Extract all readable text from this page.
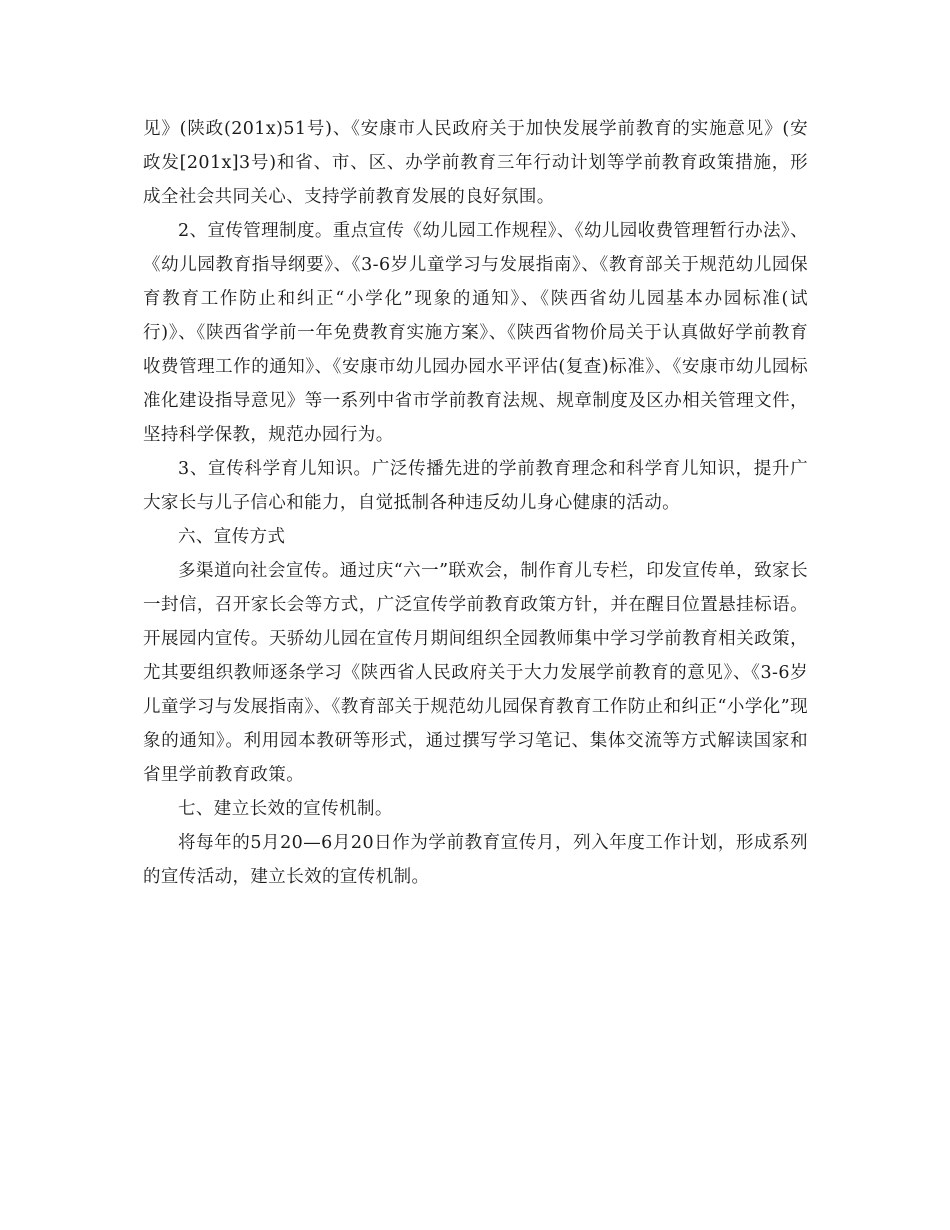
见》(陕政(201x)51号)、《安康市人民政府关于加快发展学前教育的实施意见》(安政发[201x]3号)和省、市、区、办学前教育三年行动计划等学前教育政策措施，形成全社会共同关心、支持学前教育发展的良好氛围。

2、宣传管理制度。重点宣传《幼儿园工作规程》、《幼儿园收费管理暂行办法》、《幼儿园教育指导纲要》、《3-6岁儿童学习与发展指南》、《教育部关于规范幼儿园保育教育工作防止和纠正“小学化”现象的通知》、《陕西省幼儿园基本办园标准(试行)》、《陕西省学前一年免费教育实施方案》、《陕西省物价局关于认真做好学前教育收费管理工作的通知》、《安康市幼儿园办园水平评估(复查)标准》、《安康市幼儿园标准化建设指导意见》等一系列中省市学前教育法规、规章制度及区办相关管理文件，坚持科学保教，规范办园行为。

3、宣传科学育儿知识。广泛传播先进的学前教育理念和科学育儿知识，提升广大家长与儿子信心和能力，自觉抵制各种违反幼儿身心健康的活动。

六、宣传方式

多渠道向社会宣传。通过庆“六一”联欢会，制作育儿专栏，印发宣传单，致家长一封信，召开家长会等方式，广泛宣传学前教育政策方针，并在醒目位置悬挂标语。开展园内宣传。天骄幼儿园在宣传月期间组织全园教师集中学习学前教育相关政策，尤其要组织教师逐条学习《陕西省人民政府关于大力发展学前教育的意见》、《3-6岁儿童学习与发展指南》、《教育部关于规范幼儿园保育教育工作防止和纠正“小学化”现象的通知》。利用园本教研等形式，通过撰写学习笔记、集体交流等方式解读国家和省里学前教育政策。

七、建立长效的宣传机制。

将每年的5月20—6月20日作为学前教育宣传月，列入年度工作计划，形成系列的宣传活动，建立长效的宣传机制。
